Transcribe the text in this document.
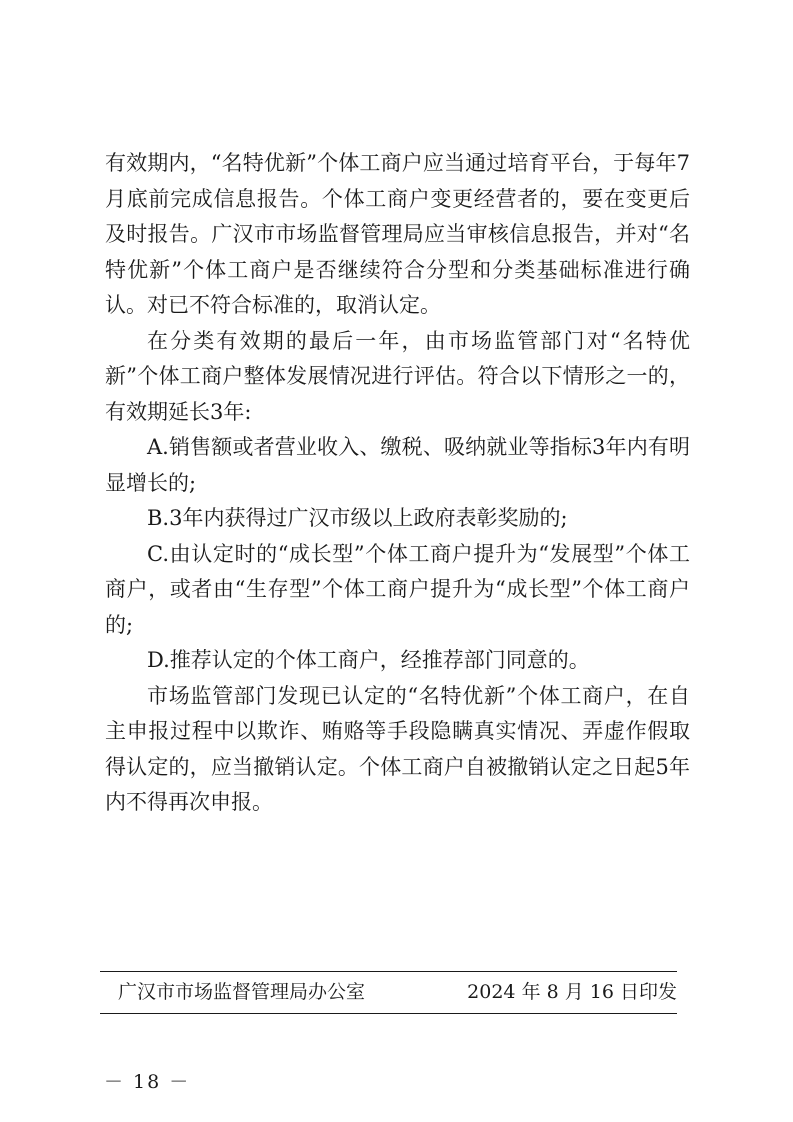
有效期内，“名特优新”个体工商户应当通过培育平台，于每年7月底前完成信息报告。个体工商户变更经营者的，要在变更后及时报告。广汉市市场监督管理局应当审核信息报告，并对“名特优新”个体工商户是否继续符合分型和分类基础标准进行确认。对已不符合标准的，取消认定。

在分类有效期的最后一年，由市场监管部门对“名特优新”个体工商户整体发展情况进行评估。符合以下情形之一的，有效期延长3年:

A.销售额或者营业收入、缴税、吸纳就业等指标3年内有明显增长的;

B.3年内获得过广汉市级以上政府表彰奖励的;

C.由认定时的“成长型”个体工商户提升为“发展型”个体工商户，或者由“生存型”个体工商户提升为“成长型”个体工商户的;

D.推荐认定的个体工商户，经推荐部门同意的。

市场监管部门发现已认定的“名特优新”个体工商户，在自主申报过程中以欺诈、贿赂等手段隐瞒真实情况、弄虚作假取得认定的，应当撤销认定。个体工商户自被撤销认定之日起5年内不得再次申报。

广汉市市场监督管理局办公室	2024 年 8 月 16 日印发
－ 18 －
